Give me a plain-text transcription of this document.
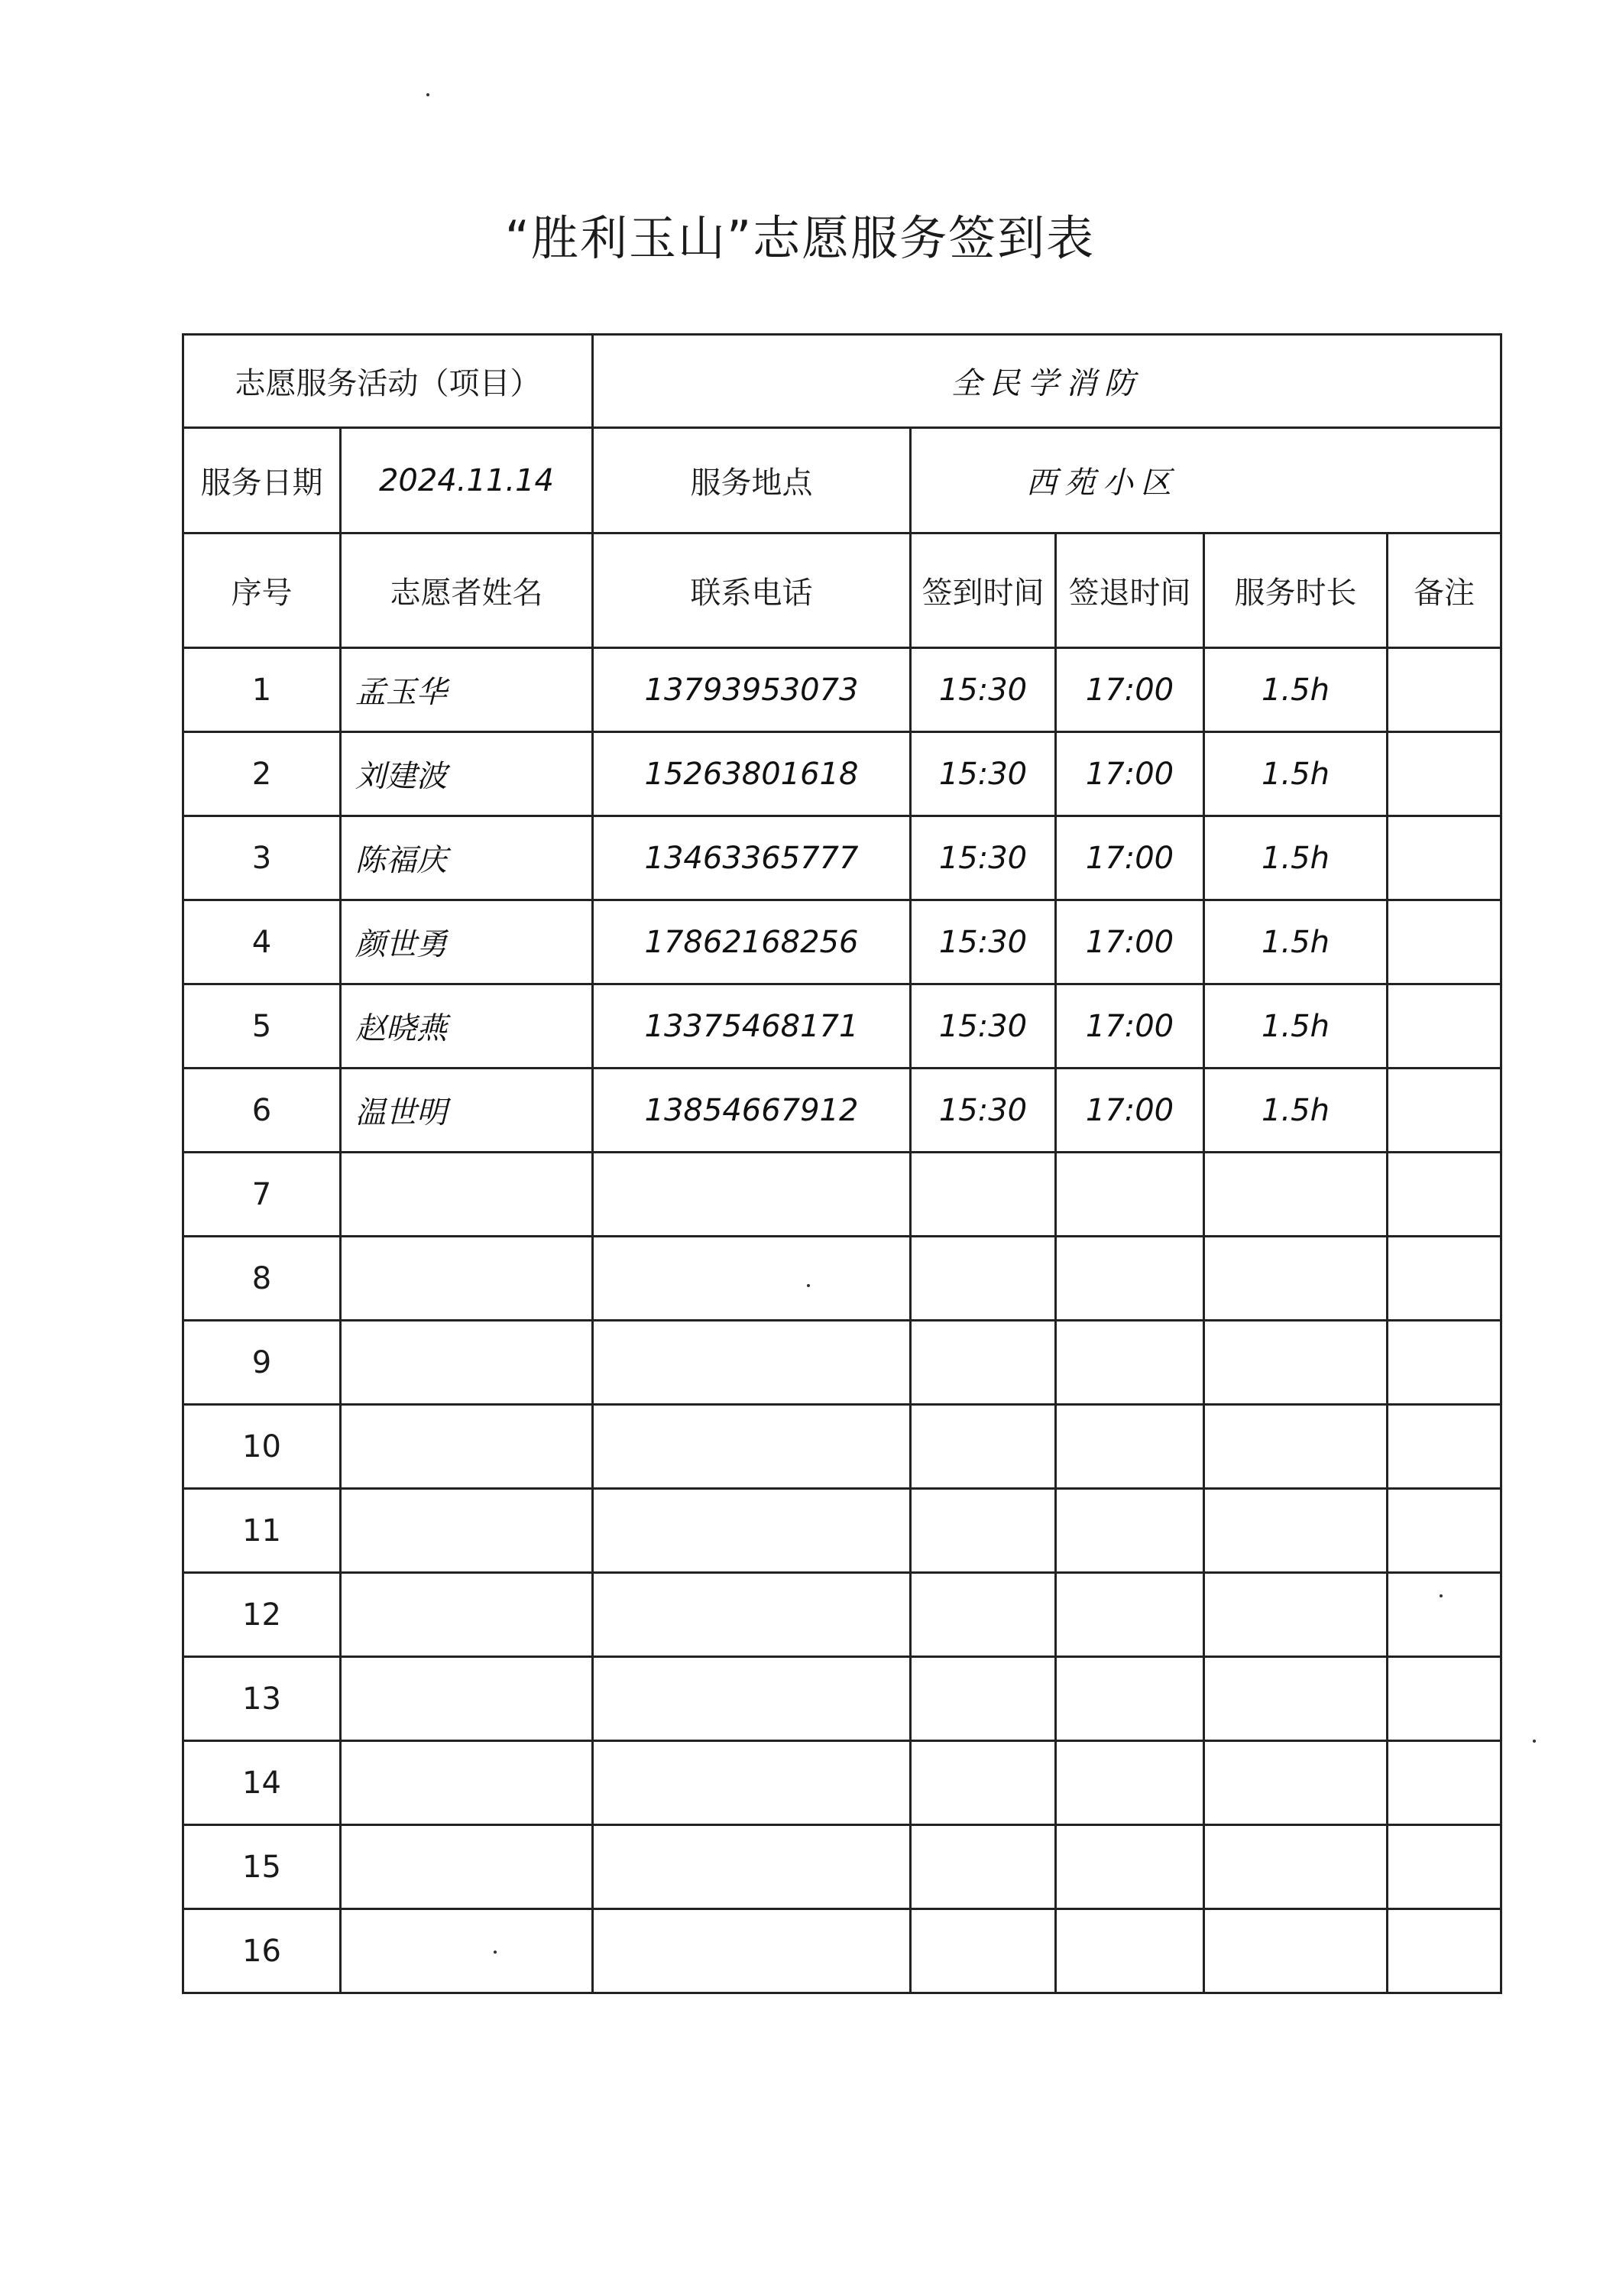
“胜利玉山”志愿服务签到表
志愿服务活动（项目）		全民学消防				
服务日期	2024.11.14	服务地点	西苑小区			
序号	志愿者姓名	联系电话	签到时间	签退时间	服务时长	备注
1	孟玉华	13793953073	15:30	17:00	1.5h	
2	刘建波	15263801618	15:30	17:00	1.5h	
3	陈福庆	13463365777	15:30	17:00	1.5h	
4	颜世勇	17862168256	15:30	17:00	1.5h	
5	赵晓燕	13375468171	15:30	17:00	1.5h	
6	温世明	13854667912	15:30	17:00	1.5h	
7						
8						
9						
10						
11						
12						
13						
14						
15						
16						
